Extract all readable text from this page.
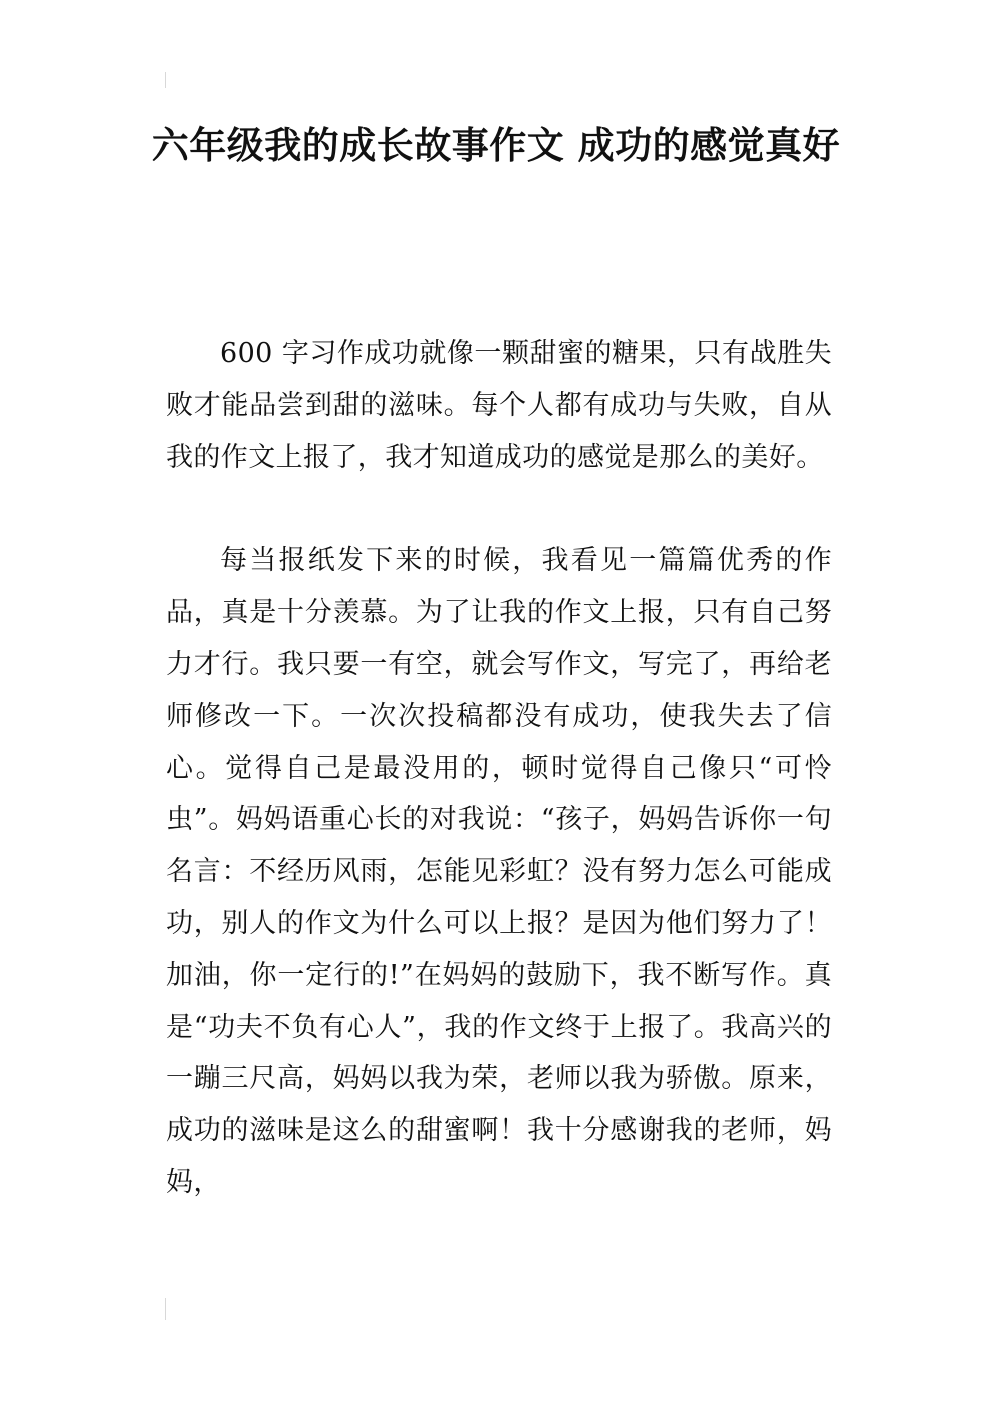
六年级我的成长故事作文 成功的感觉真好

600 字习作成功就像一颗甜蜜的糖果，只有战胜失败才能品尝到甜的滋味。每个人都有成功与失败，自从我的作文上报了，我才知道成功的感觉是那么的美好。

每当报纸发下来的时候，我看见一篇篇优秀的作品，真是十分羡慕。为了让我的作文上报，只有自己努力才行。我只要一有空，就会写作文，写完了，再给老师修改一下。一次次投稿都没有成功，使我失去了信心。觉得自己是最没用的，顿时觉得自己像只“可怜虫”。妈妈语重心长的对我说：“孩子，妈妈告诉你一句名言：不经历风雨，怎能见彩虹？没有努力怎么可能成功，别人的作文为什么可以上报？是因为他们努力了！加油，你一定行的!”在妈妈的鼓励下，我不断写作。真是“功夫不负有心人”，我的作文终于上报了。我高兴的一蹦三尺高，妈妈以我为荣，老师以我为骄傲。原来，成功的滋味是这么的甜蜜啊！我十分感谢我的老师，妈妈，
